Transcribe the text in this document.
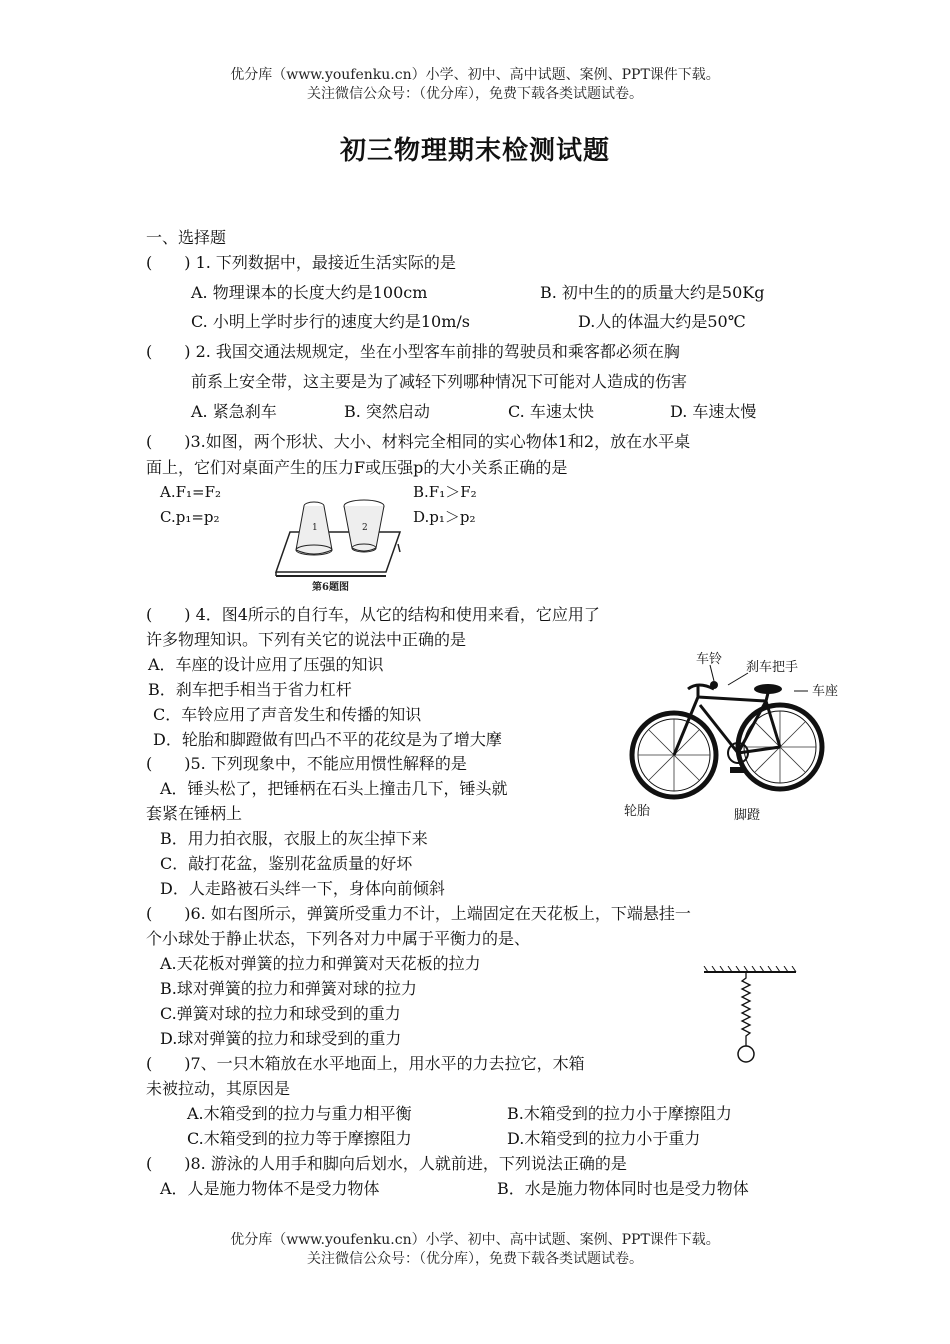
优分库（www.youfenku.cn）小学、初中、高中试题、案例、PPT课件下载。
关注微信公众号：（优分库），免费下载各类试题试卷。
初三物理期末检测试题
一、选择题
(　　) 1. 下列数据中，最接近生活实际的是
A. 物理课本的长度大约是100cm	B. 初中生的的质量大约是50Kg
C. 小明上学时步行的速度大约是10m/s	D.人的体温大约是50℃
(　　) 2. 我国交通法规规定，坐在小型客车前排的驾驶员和乘客都必须在胸
前系上安全带，这主要是为了减轻下列哪种情况下可能对人造成的伤害
A. 紧急刹车	B. 突然启动	C. 车速太快	D. 车速太慢
(　　)3.如图，两个形状、大小、材料完全相同的实心物体1和2，放在水平桌
面上，它们对桌面产生的压力F或压强p的大小关系正确的是
A.F₁=F₂	B.F₁＞F₂
C.p₁=p₂	D.p₁＞p₂
1	2
第6题图
(　　) 4．图4所示的自行车，从它的结构和使用来看，它应用了
许多物理知识。下列有关它的说法中正确的是
A．车座的设计应用了压强的知识
B．刹车把手相当于省力杠杆
C．车铃应用了声音发生和传播的知识
D．轮胎和脚蹬做有凹凸不平的花纹是为了增大摩
车铃
刹车把手
车座
轮胎	脚蹬
(　　)5. 下列现象中，不能应用惯性解释的是
A．锤头松了，把锤柄在石头上撞击几下，锤头就
套紧在锤柄上
B．用力拍衣服，衣服上的灰尘掉下来
C．敲打花盆，鉴别花盆质量的好坏
D．人走路被石头绊一下，身体向前倾斜
(　　)6. 如右图所示，弹簧所受重力不计，上端固定在天花板上，下端悬挂一
个小球处于静止状态，下列各对力中属于平衡力的是、
A.天花板对弹簧的拉力和弹簧对天花板的拉力
B.球对弹簧的拉力和弹簧对球的拉力
C.弹簧对球的拉力和球受到的重力
D.球对弹簧的拉力和球受到的重力
(　　)7、一只木箱放在水平地面上，用水平的力去拉它，木箱
未被拉动，其原因是
A.木箱受到的拉力与重力相平衡	B.木箱受到的拉力小于摩擦阻力
C.木箱受到的拉力等于摩擦阻力	D.木箱受到的拉力小于重力
(　　)8. 游泳的人用手和脚向后划水，人就前进，下列说法正确的是
A．人是施力物体不是受力物体	B．水是施力物体同时也是受力物体
优分库（www.youfenku.cn）小学、初中、高中试题、案例、PPT课件下载。
关注微信公众号：（优分库），免费下载各类试题试卷。
